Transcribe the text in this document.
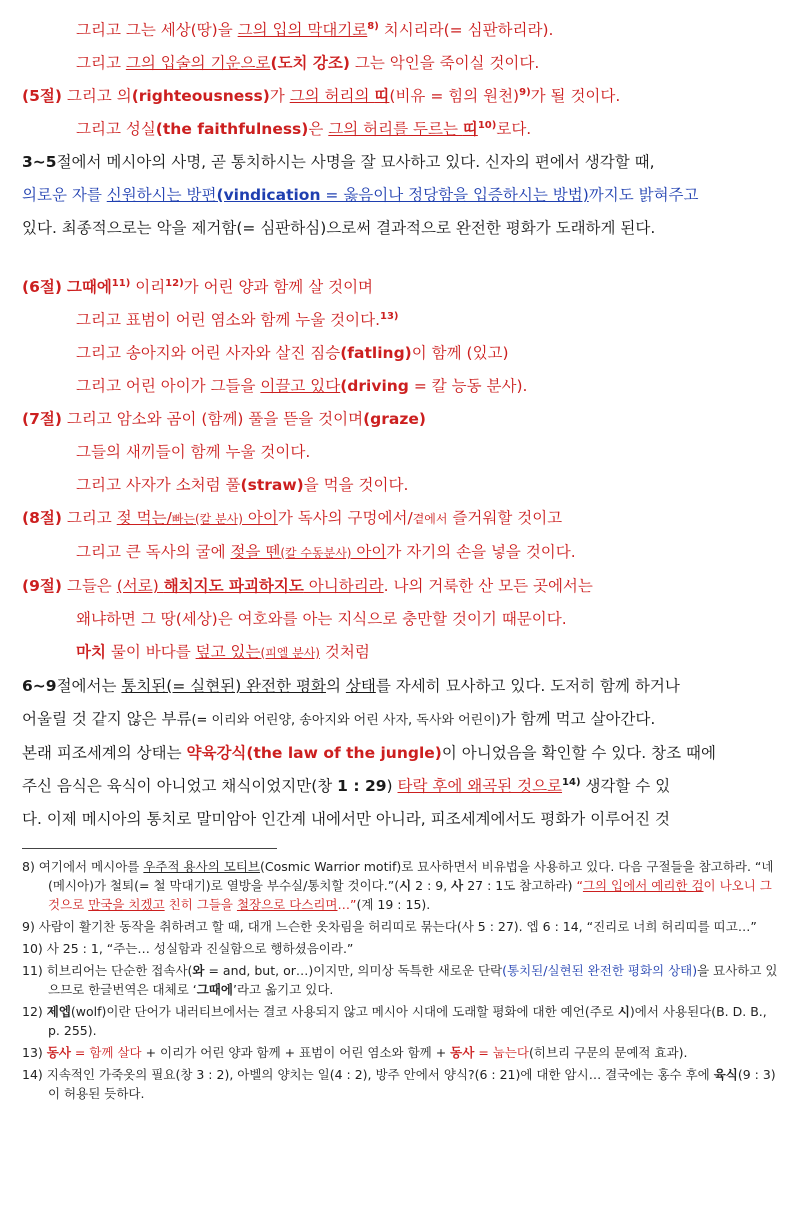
그리고 그는 세상(땅)을 그의 입의 막대기로$^{8)}$ 치시리라(= 심판하리라).
그리고 그의 입술의 기운으로(도치 강조) 그는 악인을 죽이실 것이다.
(5절) 그리고 의(righteousness)가 그의 허리의 띠(비유 = 힘의 원천)$^{9)}$가 될 것이다.
그리고 성실(the faithfulness)은 그의 허리를 두르는 띠$^{10)}$로다.
3~5절에서 메시아의 사명, 곧 통치하시는 사명을 잘 묘사하고 있다. 신자의 편에서 생각할 때,
의로운 자를 신원하시는 방편(vindication = 옳음이나 정당함을 입증하시는 방법)까지도 밝혀주고
있다. 최종적으로는 악을 제거함(= 심판하심)으로써 결과적으로 완전한 평화가 도래하게 된다.
(6절) 그때에$^{11)}$ 이리$^{12)}$가 어린 양과 함께 살 것이며
그리고 표범이 어린 염소와 함께 누울 것이다.$^{13)}$
그리고 송아지와 어린 사자와 살진 짐승(fatling)이 함께 (있고)
그리고 어린 아이가 그들을 이끌고 있다(driving = 칼 능동 분사).
(7절) 그리고 암소와 곰이 (함께) 풀을 뜯을 것이며(graze)
그들의 새끼들이 함께 누울 것이다.
그리고 사자가 소처럼 풀(straw)을 먹을 것이다.
(8절) 그리고 젖 먹는/빠는(칼 분사) 아이가 독사의 구멍에서/곁에서 즐거워할 것이고
그리고 큰 독사의 굴에 젖을 뗀(칼 수동분사) 아이가 자기의 손을 넣을 것이다.
(9절) 그들은 (서로) 해치지도 파괴하지도 아니하리라. 나의 거룩한 산 모든 곳에서는
왜냐하면 그 땅(세상)은 여호와를 아는 지식으로 충만할 것이기 때문이다.
마치 물이 바다를 덮고 있는(피엘 분사) 것처럼
6~9절에서는 통치된(= 실현된) 완전한 평화의 상태를 자세히 묘사하고 있다. 도저히 함께 하거나
어울릴 것 같지 않은 부류(= 이리와 어린양, 송아지와 어린 사자, 독사와 어린이)가 함께 먹고 살아간다.
본래 피조세계의 상태는 약육강식(the law of the jungle)이 아니었음을 확인할 수 있다. 창조 때에
주신 음식은 육식이 아니었고 채식이었지만(창 1 : 29) 타락 후에 왜곡된 것으로$^{14)}$ 생각할 수 있
다. 이제 메시아의 통치로 말미암아 인간계 내에서만 아니라, 피조세계에서도 평화가 이루어진 것
8) 여기에서 메시아를 우주적 용사의 모티브(Cosmic Warrior motif)로 묘사하면서 비유법을 사용하고 있다. 다음 구절들을 참고하라. “네(메시아)가 철퇴(= 철 막대기)로 열방을 부수실/통치할 것이다.”(시 2 : 9, 사 27 : 1도 참고하라) “그의 입에서 예리한 검이 나오니 그것으로 만국을 치겠고 친히 그들을 철장으로 다스리며…”(계 19 : 15).
9) 사람이 활기찬 동작을 취하려고 할 때, 대개 느슨한 옷차림을 허리띠로 묶는다(사 5 : 27). 엡 6 : 14, “진리로 너희 허리띠를 띠고…”
10) 사 25 : 1, “주는… 성실함과 진실함으로 행하셨음이라.”
11) 히브리어는 단순한 접속사(와 = and, but, or…)이지만, 의미상 독특한 새로운 단락(통치된/실현된 완전한 평화의 상태)을 묘사하고 있으므로 한글번역은 대체로 ‘그때에’라고 옮기고 있다.
12) 제엡(wolf)이란 단어가 내러티브에서는 결코 사용되지 않고 메시아 시대에 도래할 평화에 대한 예언(주로 시)에서 사용된다(B. D. B., p. 255).
13) 동사 = 함께 살다 + 이리가 어린 양과 함께 + 표범이 어린 염소와 함께 + 동사 = 눕는다(히브리 구문의 문예적 효과).
14) 지속적인 가죽옷의 필요(창 3 : 2), 아벨의 양치는 일(4 : 2), 방주 안에서 양식?(6 : 21)에 대한 암시… 결국에는 홍수 후에 육식(9 : 3)이 허용된 듯하다.
